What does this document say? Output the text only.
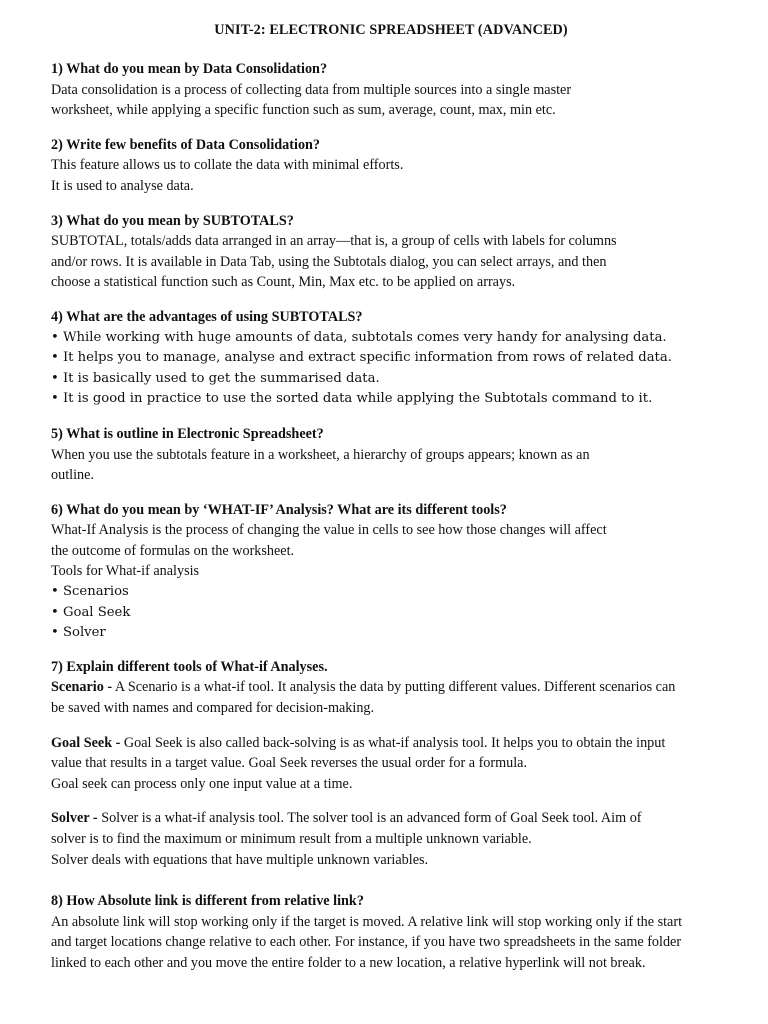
UNIT-2: ELECTRONIC SPREADSHEET (ADVANCED)
1) What do you mean by Data Consolidation?
Data consolidation is a process of collecting data from multiple sources into a single master
worksheet, while applying a specific function such as sum, average, count, max, min etc.
2) Write few benefits of Data Consolidation?
This feature allows us to collate the data with minimal efforts.
It is used to analyse data.
3) What do you mean by SUBTOTALS?
SUBTOTAL, totals/adds data arranged in an array—that is, a group of cells with labels for columns
and/or rows. It is available in Data Tab, using the Subtotals dialog, you can select arrays, and then
choose a statistical function such as Count, Min, Max etc. to be applied on arrays.
4) What are the advantages of using SUBTOTALS?
• While working with huge amounts of data, subtotals comes very handy for analysing data.
• It helps you to manage, analyse and extract specific information from rows of related data.
• It is basically used to get the summarised data.
• It is good in practice to use the sorted data while applying the Subtotals command to it.
5) What is outline in Electronic Spreadsheet?
When you use the subtotals feature in a worksheet, a hierarchy of groups appears; known as an
outline.
6) What do you mean by ‘WHAT-IF’ Analysis? What are its different tools?
What-If Analysis is the process of changing the value in cells to see how those changes will affect
the outcome of formulas on the worksheet.
Tools for What-if analysis
• Scenarios
• Goal Seek
• Solver
7) Explain different tools of What-if Analyses.
Scenario - A Scenario is a what-if tool. It analysis the data by putting different values. Different scenarios can
be saved with names and compared for decision-making.
Goal Seek - Goal Seek is also called back-solving is as what-if analysis tool. It helps you to obtain the input
value that results in a target value. Goal Seek reverses the usual order for a formula.
Goal seek can process only one input value at a time.
Solver - Solver is a what-if analysis tool. The solver tool is an advanced form of Goal Seek tool. Aim of
solver is to find the maximum or minimum result from a multiple unknown variable.
Solver deals with equations that have multiple unknown variables.
8) How Absolute link is different from relative link?
An absolute link will stop working only if the target is moved. A relative link will stop working only if the start
and target locations change relative to each other. For instance, if you have two spreadsheets in the same folder
linked to each other and you move the entire folder to a new location, a relative hyperlink will not break.
